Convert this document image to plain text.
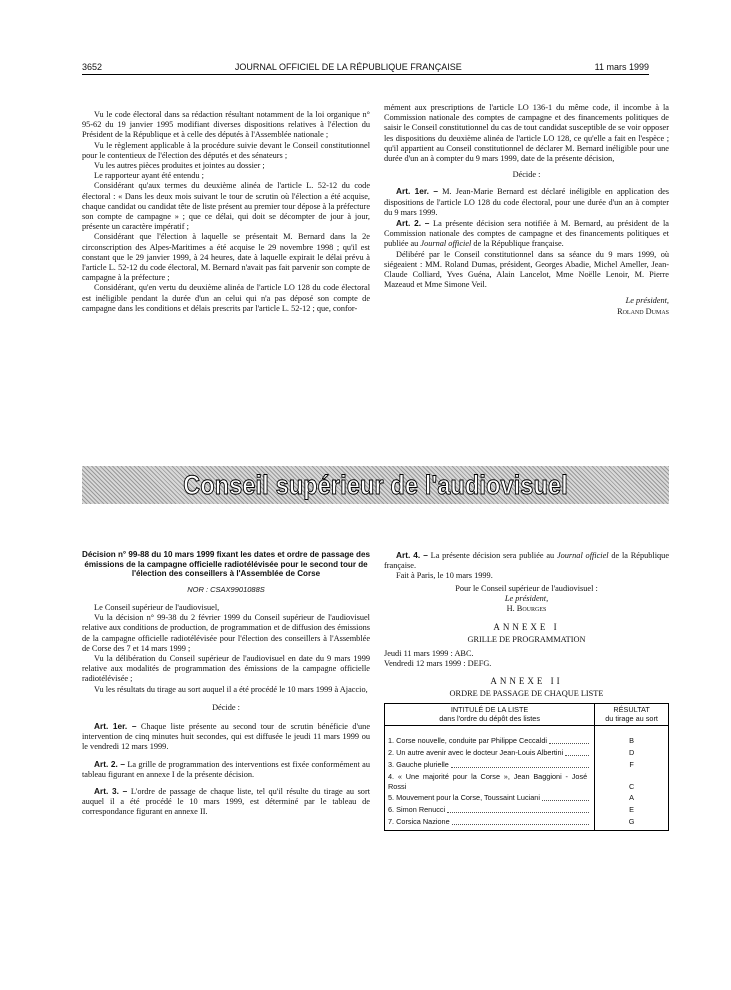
3652	JOURNAL OFFICIEL DE LA RÉPUBLIQUE FRANÇAISE	11 mars 1999

Vu le code électoral dans sa rédaction résultant notamment de la loi organique n° 95-62 du 19 janvier 1995 modifiant diverses dispositions relatives à l'élection du Président de la République et à celle des députés à l'Assemblée nationale ;

Vu le règlement applicable à la procédure suivie devant le Conseil constitutionnel pour le contentieux de l'élection des députés et des sénateurs ;

Vu les autres pièces produites et jointes au dossier ;

Le rapporteur ayant été entendu ;

Considérant qu'aux termes du deuxième alinéa de l'article L. 52-12 du code électoral : « Dans les deux mois suivant le tour de scrutin où l'élection a été acquise, chaque candidat ou candidat tête de liste présent au premier tour dépose à la préfecture son compte de campagne » ; que ce délai, qui doit se décompter de jour à jour, présente un caractère impératif ;

Considérant que l'élection à laquelle se présentait M. Bernard dans la 2e circonscription des Alpes-Maritimes a été acquise le 29 novembre 1998 ; qu'il est constant que le 29 janvier 1999, à 24 heures, date à laquelle expirait le délai prévu à l'article L. 52-12 du code électoral, M. Bernard n'avait pas fait parvenir son compte de campagne à la préfecture ;

Considérant, qu'en vertu du deuxième alinéa de l'article LO 128 du code électoral est inéligible pendant la durée d'un an celui qui n'a pas déposé son compte de campagne dans les conditions et délais prescrits par l'article L. 52-12 ; que, confor-

mément aux prescriptions de l'article LO 136-1 du même code, il incombe à la Commission nationale des comptes de campagne et des financements politiques de saisir le Conseil constitutionnel du cas de tout candidat susceptible de se voir opposer les dispositions du deuxième alinéa de l'article LO 128, ce qu'elle a fait en l'espèce ; qu'il appartient au Conseil constitutionnel de déclarer M. Bernard inéligible pour une durée d'un an à compter du 9 mars 1999, date de la présente décision,

Décide :

Art. 1er. – M. Jean-Marie Bernard est déclaré inéligible en application des dispositions de l'article LO 128 du code électoral, pour une durée d'un an à compter du 9 mars 1999.

Art. 2. – La présente décision sera notifiée à M. Bernard, au président de la Commission nationale des comptes de campagne et des financements politiques et publiée au Journal officiel de la République française.

Délibéré par le Conseil constitutionnel dans sa séance du 9 mars 1999, où siégeaient : MM. Roland Dumas, président, Georges Abadie, Michel Ameller, Jean-Claude Colliard, Yves Guéna, Alain Lancelot, Mme Noëlle Lenoir, M. Pierre Mazeaud et Mme Simone Veil.

Le président,

Roland Dumas

Conseil supérieur de l'audiovisuel

Décision n° 99-88 du 10 mars 1999 fixant les dates et ordre de passage des émissions de la campagne officielle radiotélévisée pour le second tour de l'élection des conseillers à l'Assemblée de Corse

NOR : CSAX9901088S

Le Conseil supérieur de l'audiovisuel,

Vu la décision n° 99-38 du 2 février 1999 du Conseil supérieur de l'audiovisuel relative aux conditions de production, de programmation et de diffusion des émissions de la campagne officielle radiotélévisée pour l'élection des conseillers à l'Assemblée de Corse des 7 et 14 mars 1999 ;

Vu la délibération du Conseil supérieur de l'audiovisuel en date du 9 mars 1999 relative aux modalités de programmation des émissions de la campagne officielle radiotélévisée ;

Vu les résultats du tirage au sort auquel il a été procédé le 10 mars 1999 à Ajaccio,

Décide :

Art. 1er. – Chaque liste présente au second tour de scrutin bénéficie d'une intervention de cinq minutes huit secondes, qui est diffusée le jeudi 11 mars 1999 ou le vendredi 12 mars 1999.

Art. 2. – La grille de programmation des interventions est fixée conformément au tableau figurant en annexe I de la présente décision.

Art. 3. – L'ordre de passage de chaque liste, tel qu'il résulte du tirage au sort auquel il a été procédé le 10 mars 1999, est déterminé par le tableau de correspondance figurant en annexe II.

Art. 4. – La présente décision sera publiée au Journal officiel de la République française.

Fait à Paris, le 10 mars 1999.

Pour le Conseil supérieur de l'audiovisuel :

Le président,

H. Bourges

ANNEXE I

GRILLE DE PROGRAMMATION

Jeudi 11 mars 1999 : ABC.

Vendredi 12 mars 1999 : DEFG.

ANNEXE II

ORDRE DE PASSAGE DE CHAQUE LISTE

INTITULÉ DE LA LISTE
dans l'ordre du dépôt des listes	RÉSULTAT
du tirage au sort

1. Corse nouvelle, conduite par Philippe Ceccaldi	B

2. Un autre avenir avec le docteur Jean-Louis Albertini	D

3. Gauche plurielle	F

4. « Une majorité pour la Corse », Jean Baggioni - José Rossi	C

5. Mouvement pour la Corse, Toussaint Luciani	A

6. Simon Renucci	E

7. Corsica Nazione	G
